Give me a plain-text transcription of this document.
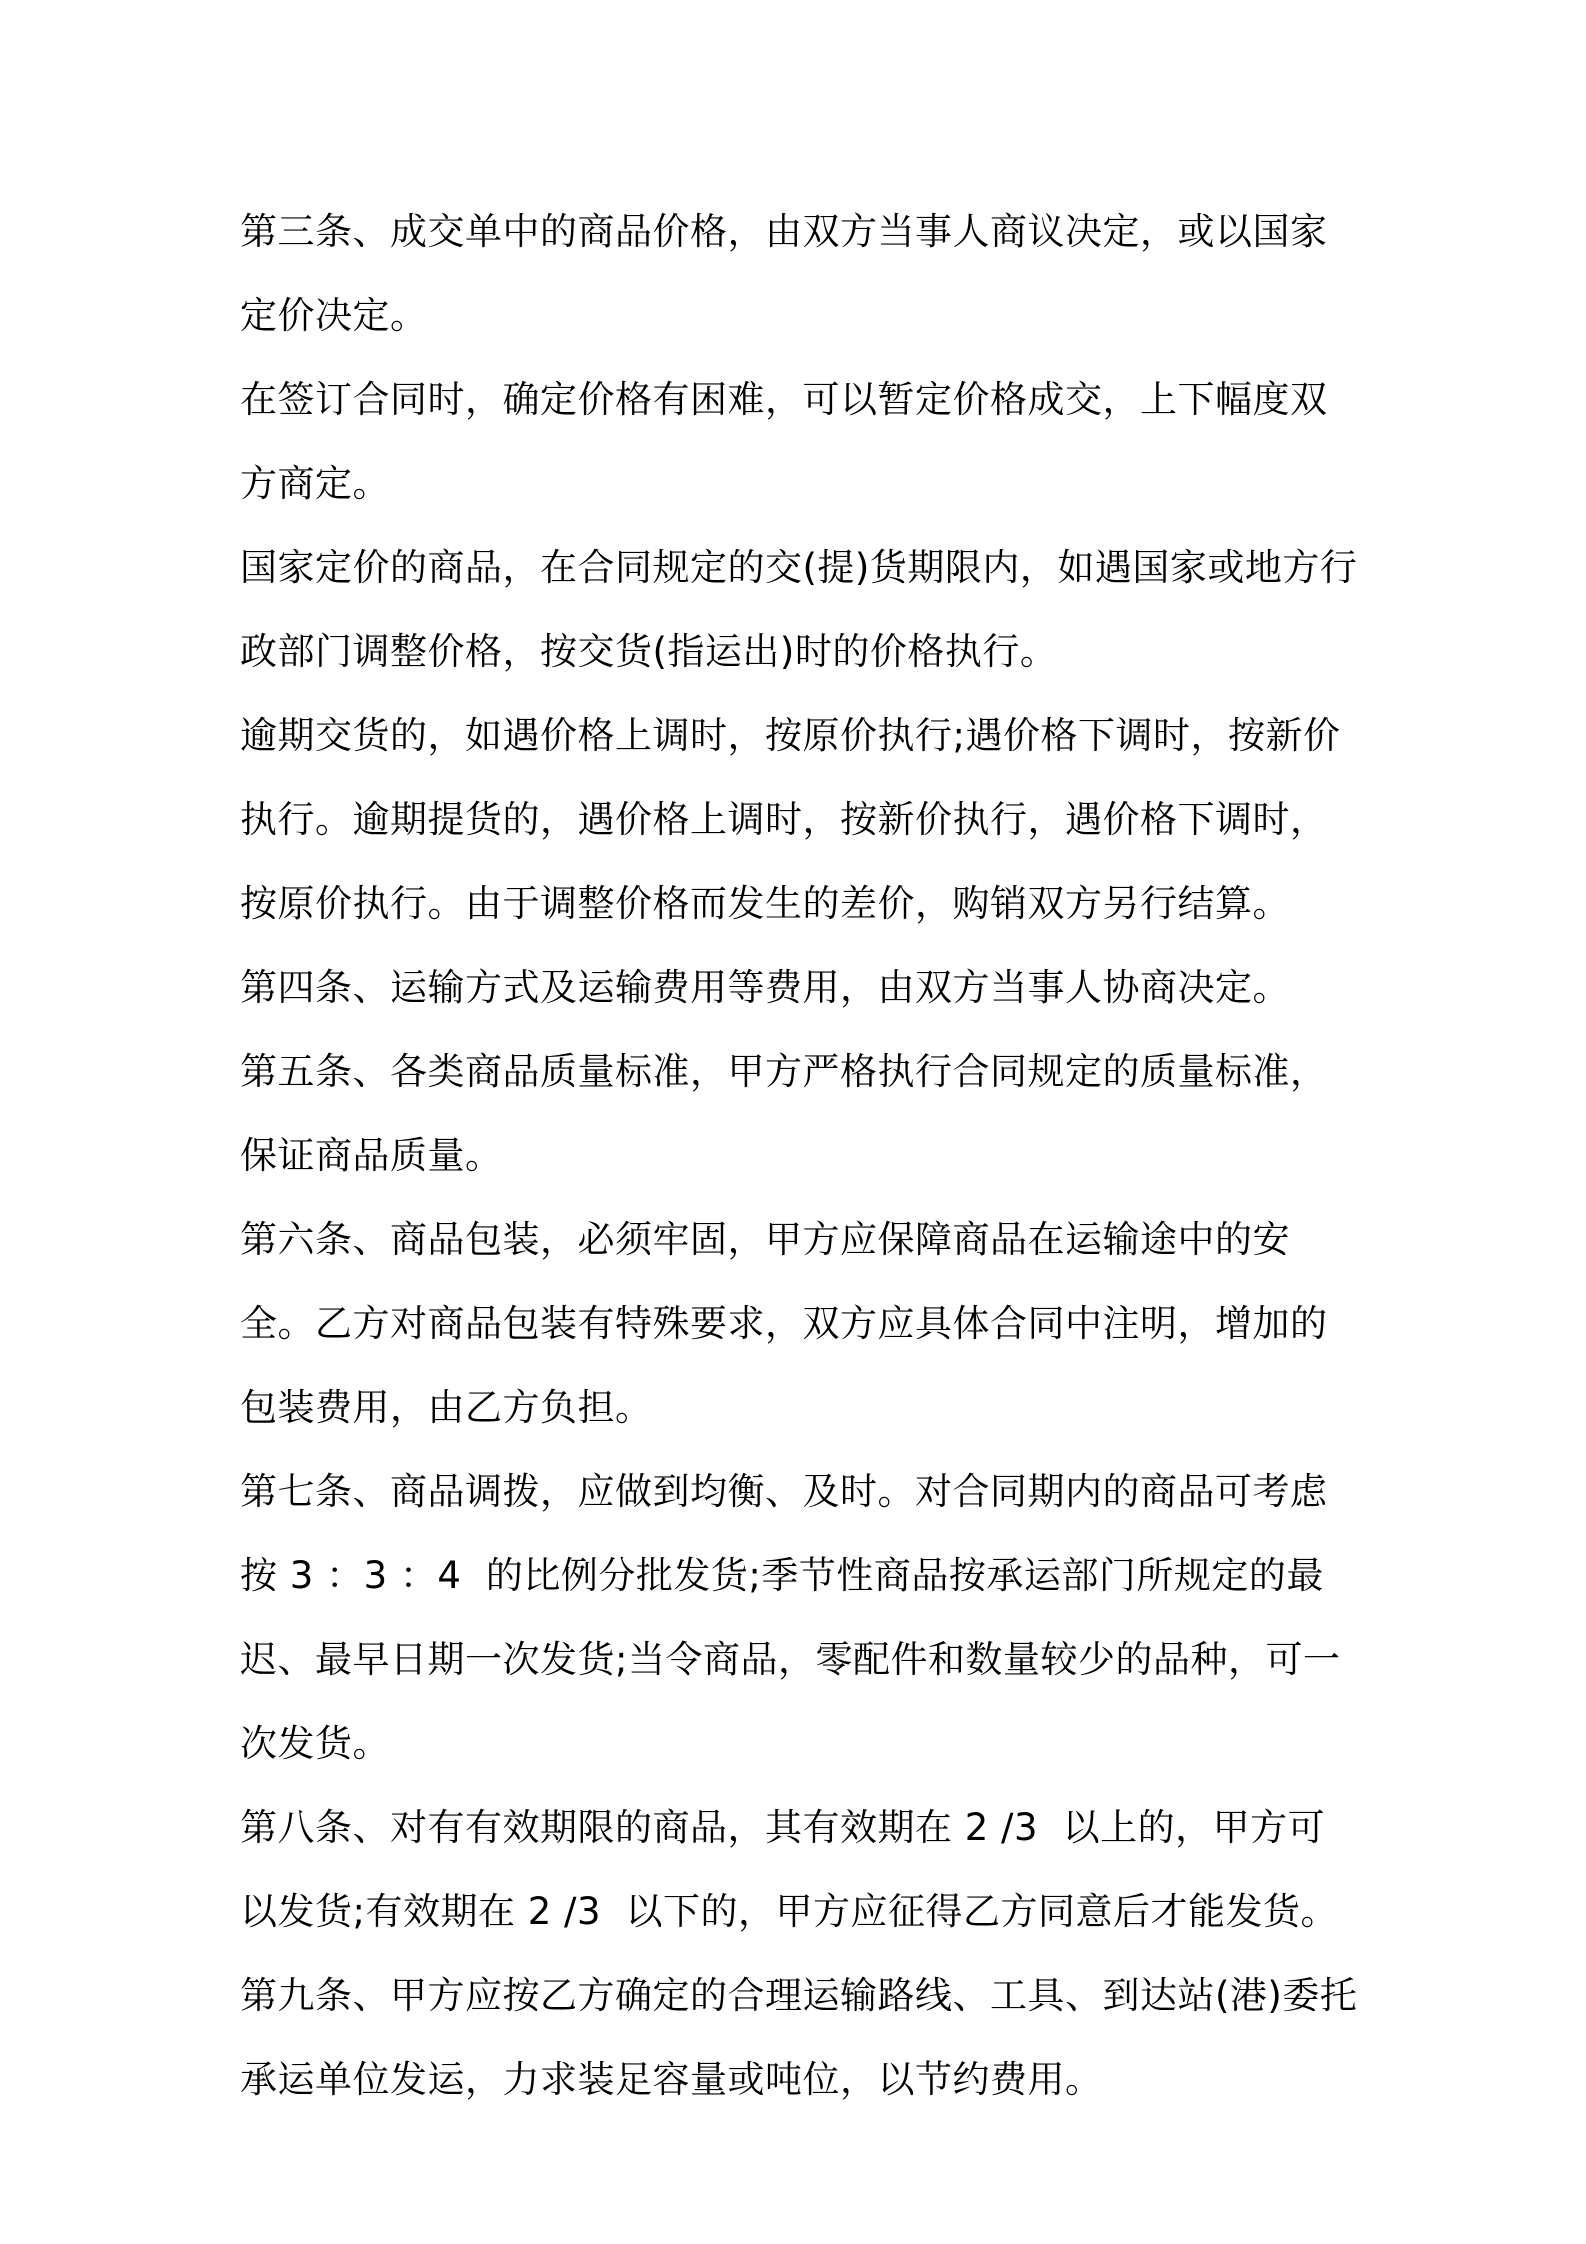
第三条、成交单中的商品价格，由双方当事人商议决定，或以国家定价决定。

在签订合同时，确定价格有困难，可以暂定价格成交，上下幅度双方商定。

国家定价的商品，在合同规定的交(提)货期限内，如遇国家或地方行政部门调整价格，按交货(指运出)时的价格执行。

逾期交货的，如遇价格上调时，按原价执行;遇价格下调时，按新价执行。逾期提货的，遇价格上调时，按新价执行，遇价格下调时，按原价执行。由于调整价格而发生的差价，购销双方另行结算。

第四条、运输方式及运输费用等费用，由双方当事人协商决定。

第五条、各类商品质量标准，甲方严格执行合同规定的质量标准，保证商品质量。

第六条、商品包装，必须牢固，甲方应保障商品在运输途中的安全。乙方对商品包装有特殊要求，双方应具体合同中注明，增加的包装费用，由乙方负担。

第七条、商品调拨，应做到均衡、及时。对合同期内的商品可考虑按 3 ：3 ：4  的比例分批发货;季节性商品按承运部门所规定的最迟、最早日期一次发货;当令商品，零配件和数量较少的品种，可一次发货。

第八条、对有有效期限的商品，其有效期在 2 /3  以上的，甲方可以发货;有效期在 2 /3  以下的，甲方应征得乙方同意后才能发货。

第九条、甲方应按乙方确定的合理运输路线、工具、到达站(港)委托承运单位发运，力求装足容量或吨位，以节约费用。
